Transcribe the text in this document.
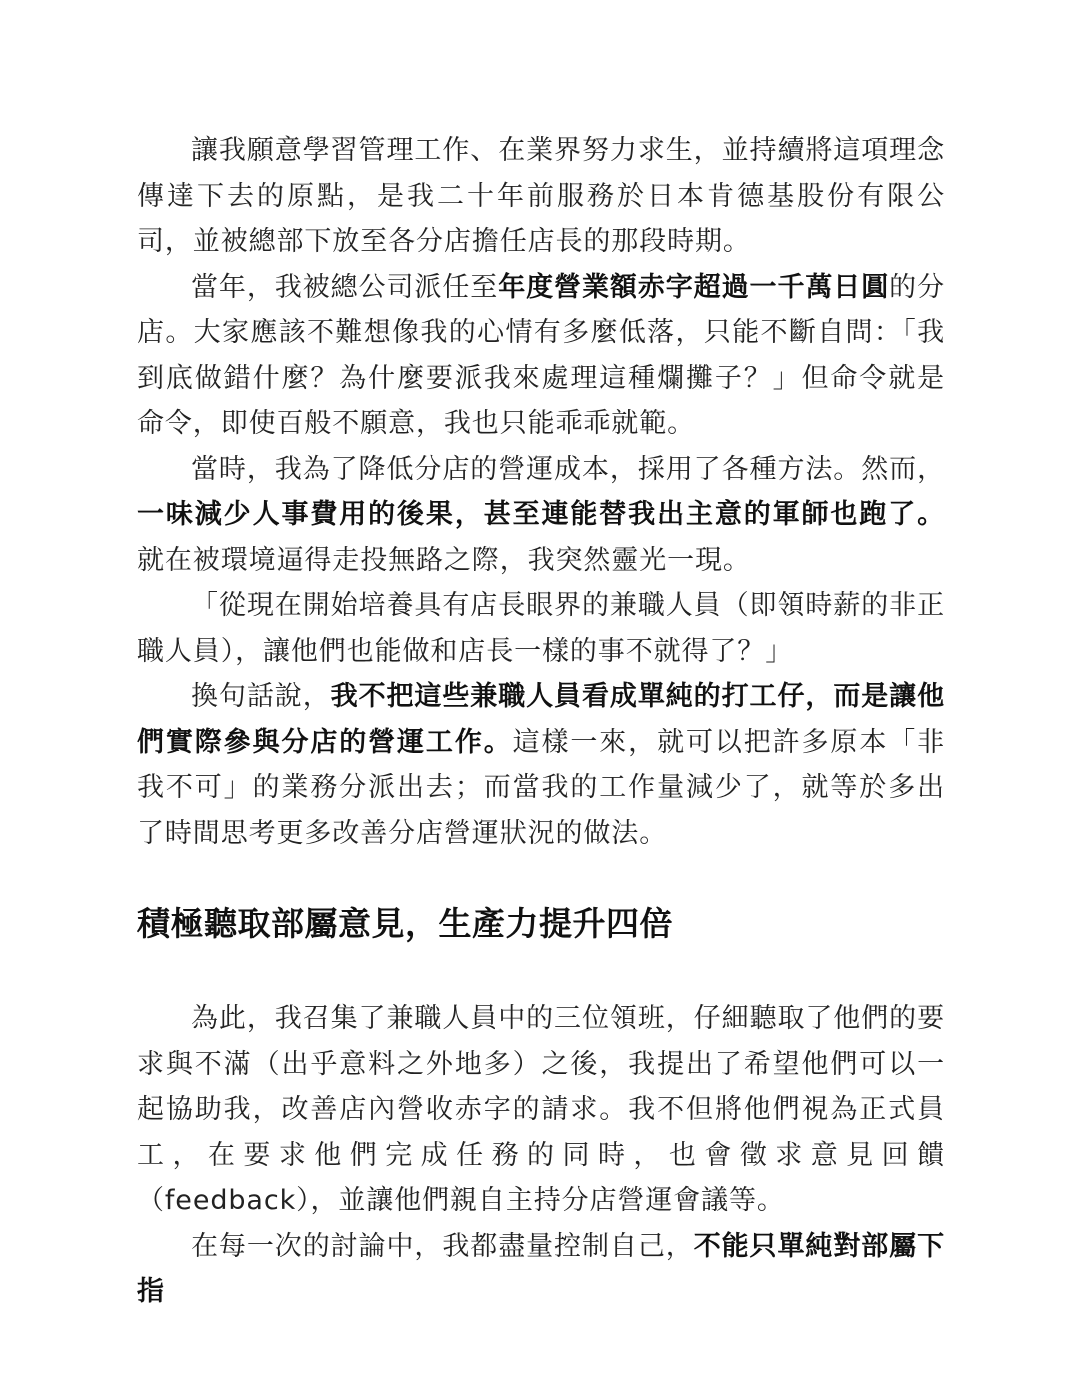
讓我願意學習管理工作、在業界努力求生，並持續將這項理念傳達下去的原點，是我二十年前服務於日本肯德基股份有限公司，並被總部下放至各分店擔任店長的那段時期。

當年，我被總公司派任至年度營業額赤字超過一千萬日圓的分店。大家應該不難想像我的心情有多麼低落，只能不斷自問：「我到底做錯什麼？為什麼要派我來處理這種爛攤子？」但命令就是命令，即使百般不願意，我也只能乖乖就範。

當時，我為了降低分店的營運成本，採用了各種方法。然而，一味減少人事費用的後果，甚至連能替我出主意的軍師也跑了。就在被環境逼得走投無路之際，我突然靈光一現。

「從現在開始培養具有店長眼界的兼職人員（即領時薪的非正職人員），讓他們也能做和店長一樣的事不就得了？」

換句話說，我不把這些兼職人員看成單純的打工仔，而是讓他們實際參與分店的營運工作。這樣一來，就可以把許多原本「非我不可」的業務分派出去；而當我的工作量減少了，就等於多出了時間思考更多改善分店營運狀況的做法。

積極聽取部屬意見，生產力提升四倍

為此，我召集了兼職人員中的三位領班，仔細聽取了他們的要求與不滿（出乎意料之外地多）之後，我提出了希望他們可以一起協助我，改善店內營收赤字的請求。我不但將他們視為正式員工，在要求他們完成任務的同時，也會徵求意見回饋（feedback），並讓他們親自主持分店營運會議等。

在每一次的討論中，我都盡量控制自己，不能只單純對部屬下指
